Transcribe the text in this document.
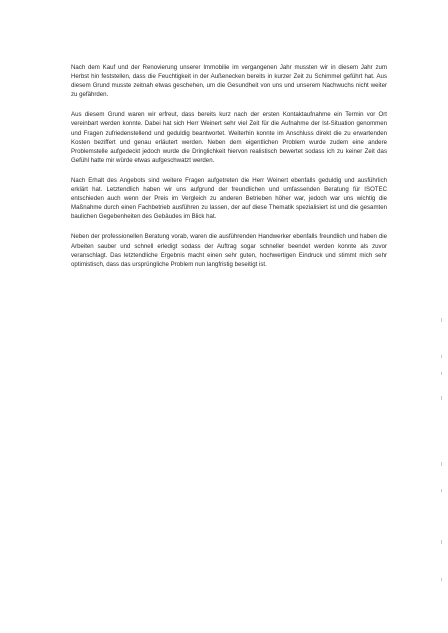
Nach dem Kauf und der Renovierung unserer Immobilie im vergangenen Jahr mussten wir in diesem Jahr zum Herbst hin feststellen, dass die Feuchtigkeit in der Außenecken bereits in kurzer Zeit zu Schimmel geführt hat. Aus diesem Grund musste zeitnah etwas geschehen, um die Gesundheit von uns und unserem Nachwuchs nicht weiter zu gefährden.

Aus diesem Grund waren wir erfreut, dass bereits kurz nach der ersten Kontaktaufnahme ein Termin vor Ort vereinbart werden konnte. Dabei hat sich Herr Weinert sehr viel Zeit für die Aufnahme der Ist-Situation genommen und Fragen zufriedenstellend und geduldig beantwortet. Weiterhin konnte im Anschluss direkt die zu erwartenden Kosten beziffert und genau erläutert werden. Neben dem eigentlichen Problem wurde zudem eine andere Problemstelle aufgedeckt jedoch wurde die Dringlichkeit hiervon realistisch bewertet sodass ich zu keiner Zeit das Gefühl hatte mir würde etwas aufgeschwatzt werden.

Nach Erhalt des Angebots sind weitere Fragen aufgetreten die Herr Weinert ebenfalls geduldig und ausführlich erklärt hat. Letztendlich haben wir uns aufgrund der freundlichen und umfassenden Beratung für ISOTEC entschieden auch wenn der Preis im Vergleich zu anderen Betrieben höher war, jedoch war uns wichtig die Maßnahme durch einen Fachbetrieb ausführen zu lassen, der auf diese Thematik spezialisiert ist und die gesamten baulichen Gegebenheiten des Gebäudes im Blick hat.

Neben der professionellen Beratung vorab, waren die ausführenden Handwerker ebenfalls freundlich und haben die Arbeiten sauber und schnell erledigt sodass der Auftrag sogar schneller beendet werden konnte als zuvor veranschlagt. Das letztendliche Ergebnis macht einen sehr guten, hochwertigen Eindruck und stimmt mich sehr optimistisch, dass das ursprüngliche Problem nun langfristig beseitigt ist.
